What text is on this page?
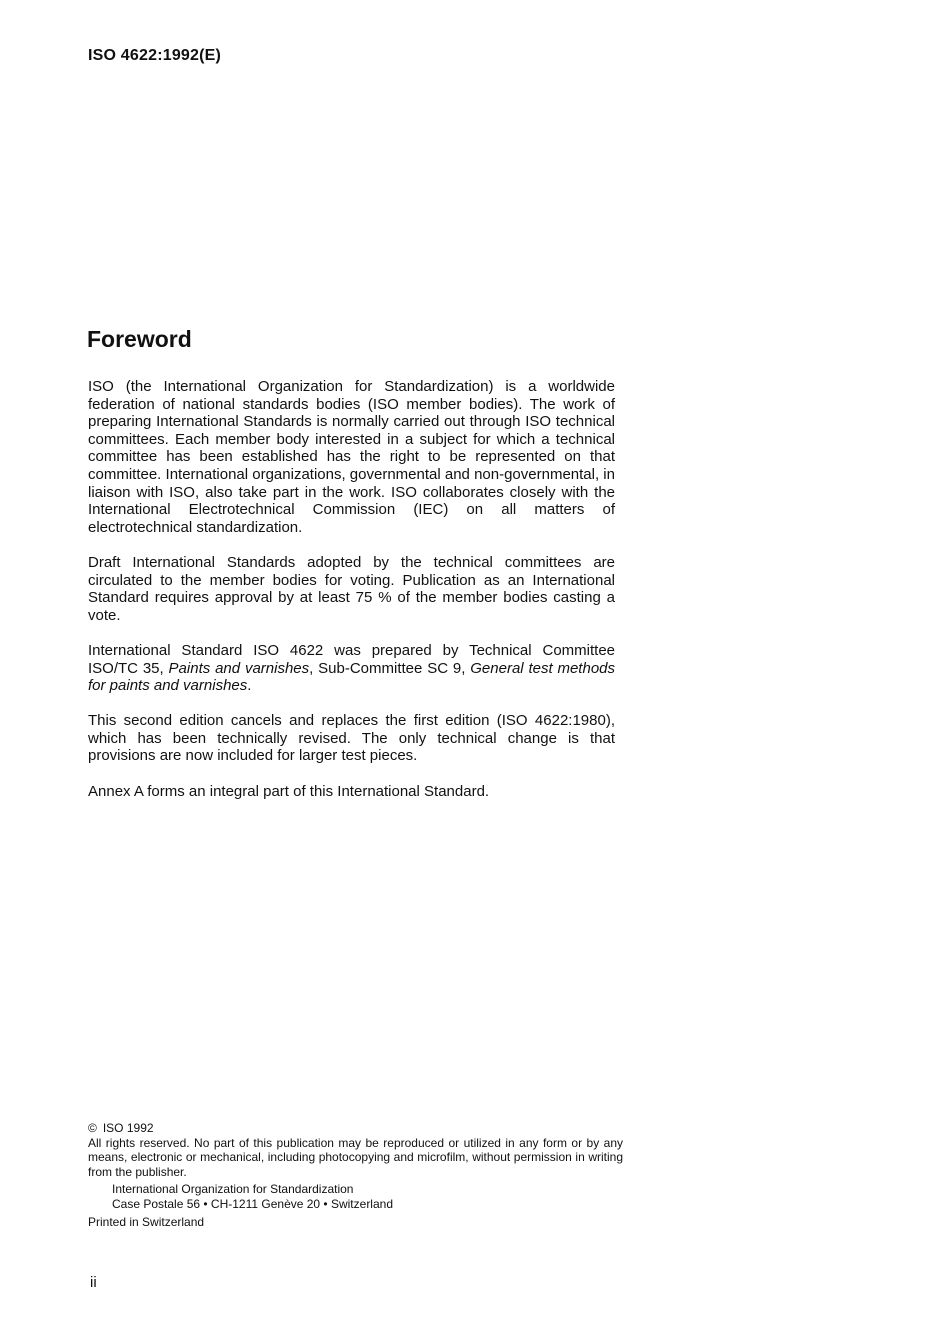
ISO 4622:1992(E)
Foreword

ISO (the International Organization for Standardization) is a worldwide federation of national standards bodies (ISO member bodies). The work of preparing International Standards is normally carried out through ISO technical committees. Each member body interested in a subject for which a technical committee has been established has the right to be represented on that committee. International organizations, governmental and non-governmental, in liaison with ISO, also take part in the work. ISO collaborates closely with the International Electrotechnical Commission (IEC) on all matters of electrotechnical standardization.

Draft International Standards adopted by the technical committees are circulated to the member bodies for voting. Publication as an International Standard requires approval by at least 75 % of the member bodies casting a vote.

International Standard ISO 4622 was prepared by Technical Committee ISO/TC 35, Paints and varnishes, Sub-Committee SC 9, General test methods for paints and varnishes.

This second edition cancels and replaces the first edition (ISO 4622:1980), which has been technically revised. The only technical change is that provisions are now included for larger test pieces.

Annex A forms an integral part of this International Standard.

© ISO 1992

All rights reserved. No part of this publication may be reproduced or utilized in any form or by any means, electronic or mechanical, including photocopying and microfilm, without permission in writing from the publisher.

International Organization for Standardization
Case Postale 56 • CH-1211 Genève 20 • Switzerland
Printed in Switzerland
ii
